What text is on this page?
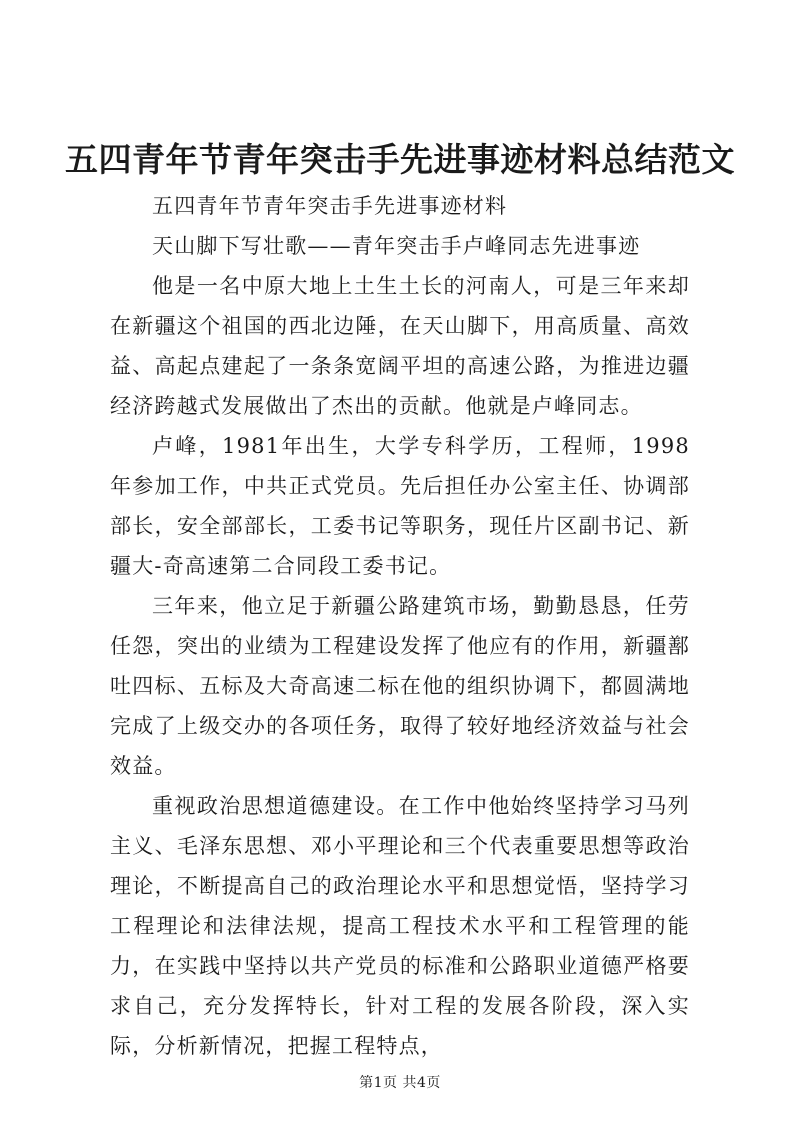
五四青年节青年突击手先进事迹材料总结范文

五四青年节青年突击手先进事迹材料

天山脚下写壮歌——青年突击手卢峰同志先进事迹

他是一名中原大地上土生土长的河南人，可是三年来却在新疆这个祖国的西北边陲，在天山脚下，用高质量、高效益、高起点建起了一条条宽阔平坦的高速公路，为推进边疆经济跨越式发展做出了杰出的贡献。他就是卢峰同志。

卢峰，1981年出生，大学专科学历，工程师，1998年参加工作，中共正式党员。先后担任办公室主任、协调部部长，安全部部长，工委书记等职务，现任片区副书记、新疆大-奇高速第二合同段工委书记。

三年来，他立足于新疆公路建筑市场，勤勤恳恳，任劳任怨，突出的业绩为工程建设发挥了他应有的作用，新疆鄯吐四标、五标及大奇高速二标在他的组织协调下，都圆满地完成了上级交办的各项任务，取得了较好地经济效益与社会效益。

重视政治思想道德建设。在工作中他始终坚持学习马列主义、毛泽东思想、邓小平理论和三个代表重要思想等政治理论，不断提高自己的政治理论水平和思想觉悟，坚持学习工程理论和法律法规，提高工程技术水平和工程管理的能力，在实践中坚持以共产党员的标准和公路职业道德严格要求自己，充分发挥特长，针对工程的发展各阶段，深入实际，分析新情况，把握工程特点，

第1页 共4页
